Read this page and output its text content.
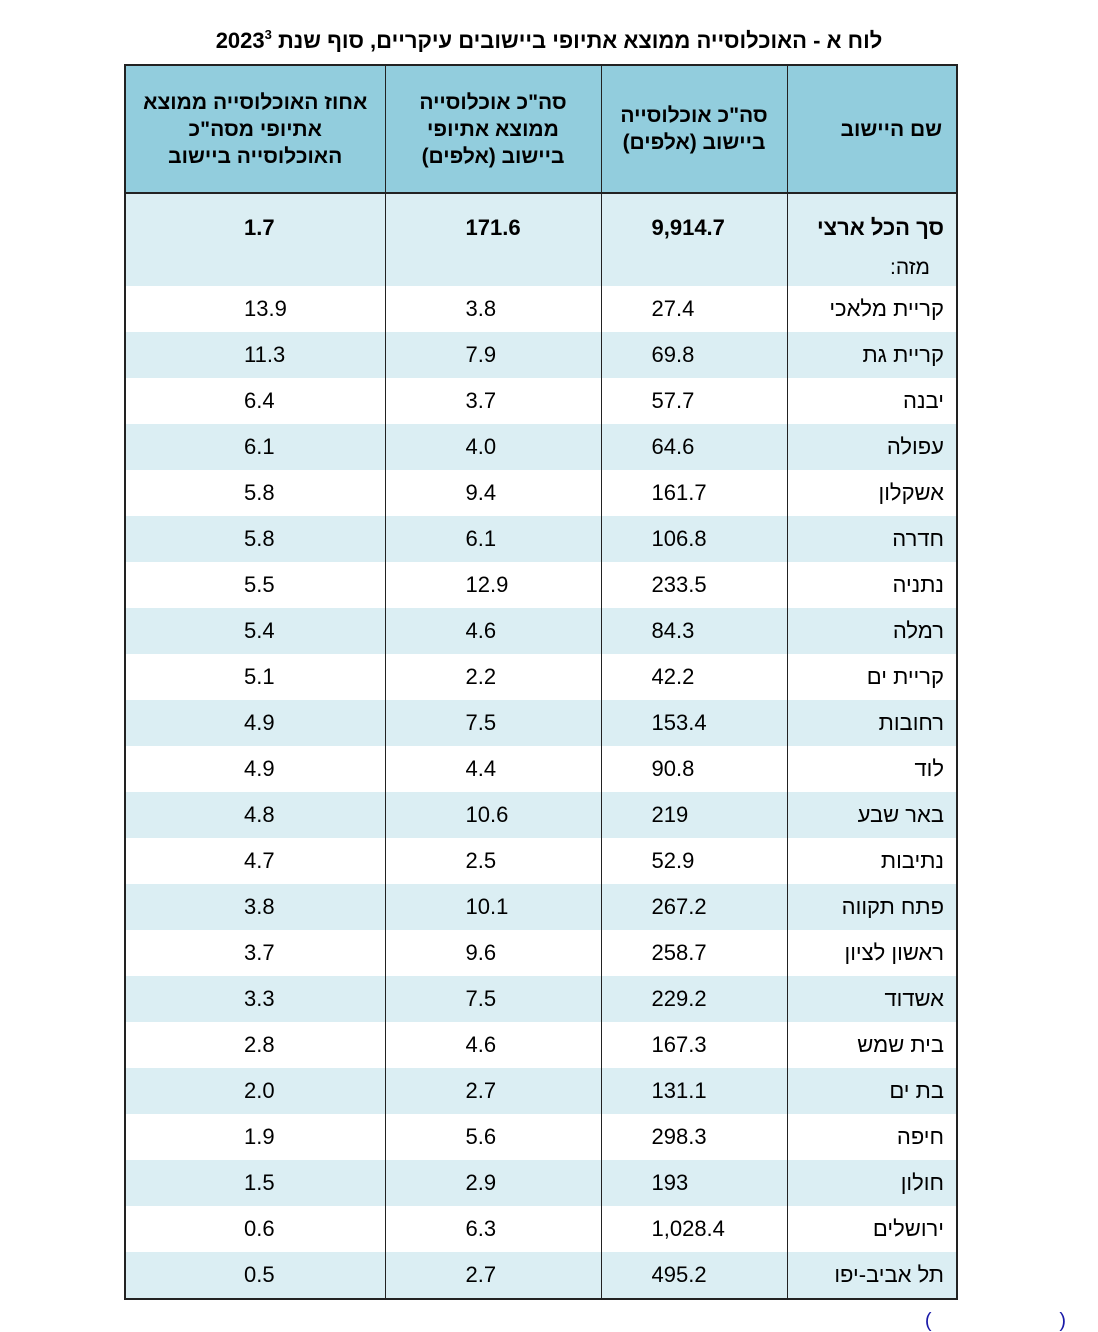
לוח א - האוכלוסייה ממוצא אתיופי ביישובים עיקריים, סוף שנת 2023$^3$
שם היישוב	סה"כ אוכלוסייה ביישוב (אלפים)	סה"כ אוכלוסייה ממוצא אתיופי ביישוב (אלפים)	אחוז האוכלוסייה ממוצא אתיופי מסה"כ האוכלוסייה ביישוב
סך הכל ארצי	9,914.7	171.6	1.7
מזה:			
קריית מלאכי	27.4	3.8	13.9
קריית גת	69.8	7.9	11.3
יבנה	57.7	3.7	6.4
עפולה	64.6	4.0	6.1
אשקלון	161.7	9.4	5.8
חדרה	106.8	6.1	5.8
נתניה	233.5	12.9	5.5
רמלה	84.3	4.6	5.4
קריית ים	42.2	2.2	5.1
רחובות	153.4	7.5	4.9
לוד	90.8	4.4	4.9
באר שבע	219	10.6	4.8
נתיבות	52.9	2.5	4.7
פתח תקווה	267.2	10.1	3.8
ראשון לציון	258.7	9.6	3.7
אשדוד	229.2	7.5	3.3
בית שמש	167.3	4.6	2.8
בת ים	131.1	2.7	2.0
חיפה	298.3	5.6	1.9
חולון	193	2.9	1.5
ירושלים	1,028.4	6.3	0.6
תל אביב-יפו	495.2	2.7	0.5
(                       )
